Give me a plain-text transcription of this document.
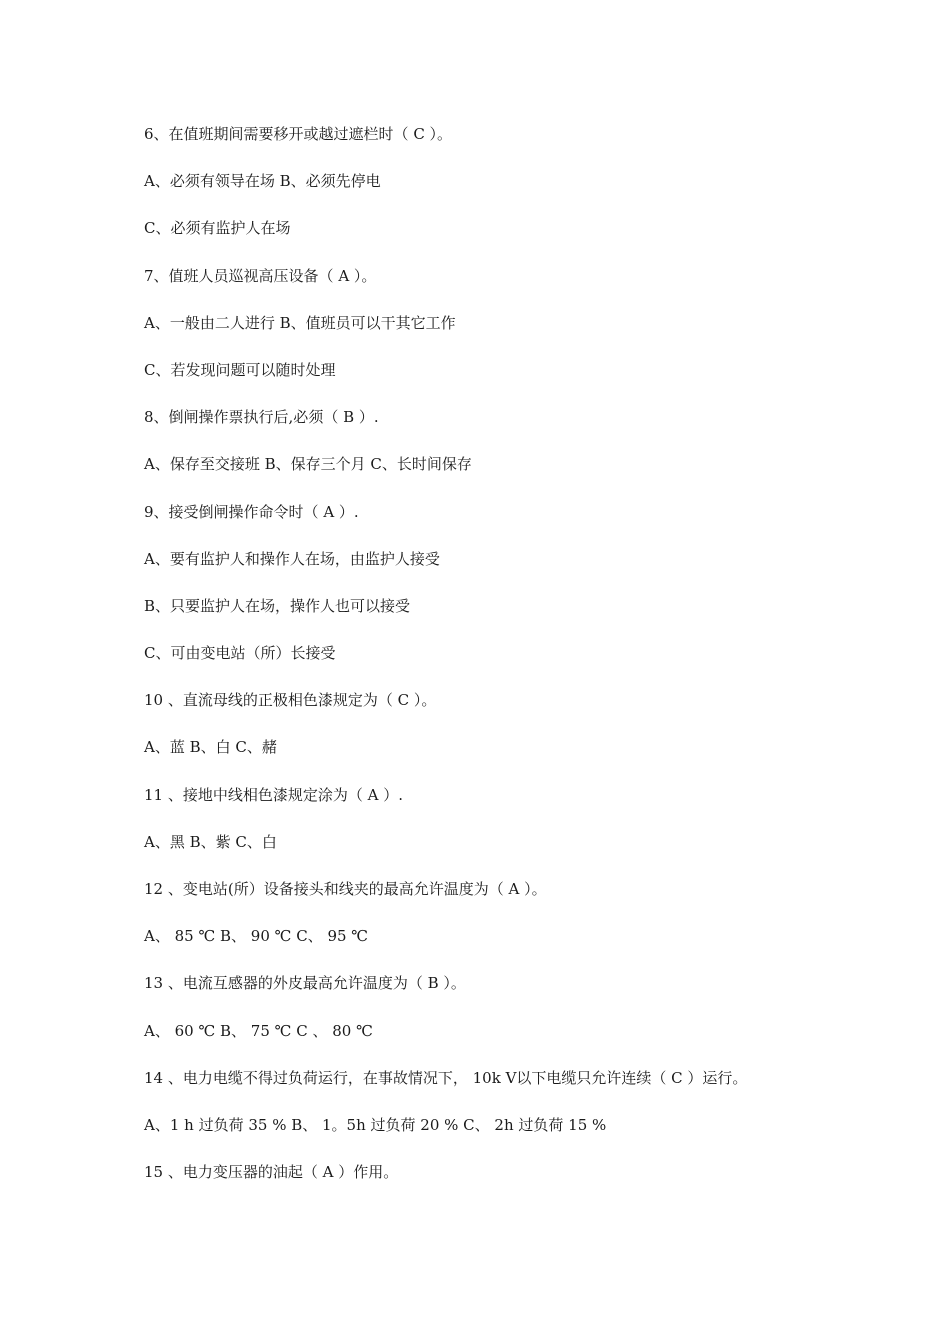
6、在值班期间需要移开或越过遮栏时（ C ）。

A、必须有领导在场 B、必须先停电

C、必须有监护人在场

7、值班人员巡视高压设备（ A ）。

A、一般由二人进行 B、值班员可以干其它工作

C、若发现问题可以随时处理

8、倒闸操作票执行后,必须（ B ）.

A、保存至交接班 B、保存三个月 C、长时间保存

9、接受倒闸操作命令时（ A ）.

A、要有监护人和操作人在场，由监护人接受

B、只要监护人在场，操作人也可以接受

C、可由变电站（所）长接受

10 、直流母线的正极相色漆规定为（ C ）。

A、蓝 B、白 C、赭

11 、接地中线相色漆规定涂为（ A ）.

A、黑 B、紫 C、白

12 、变电站(所）设备接头和线夹的最高允许温度为（ A ）。

A、 85 ℃ B、 90 ℃ C、 95 ℃

13 、电流互感器的外皮最高允许温度为（ B ）。

A、 60 ℃ B、 75 ℃ C 、 80 ℃

14 、电力电缆不得过负荷运行，在事故情况下， 10k V以下电缆只允许连续（ C ）运行。

A、1 h 过负荷 35 % B、 1。5h 过负荷 20 % C、 2h 过负荷 15 %

15 、电力变压器的油起（ A ）作用。
